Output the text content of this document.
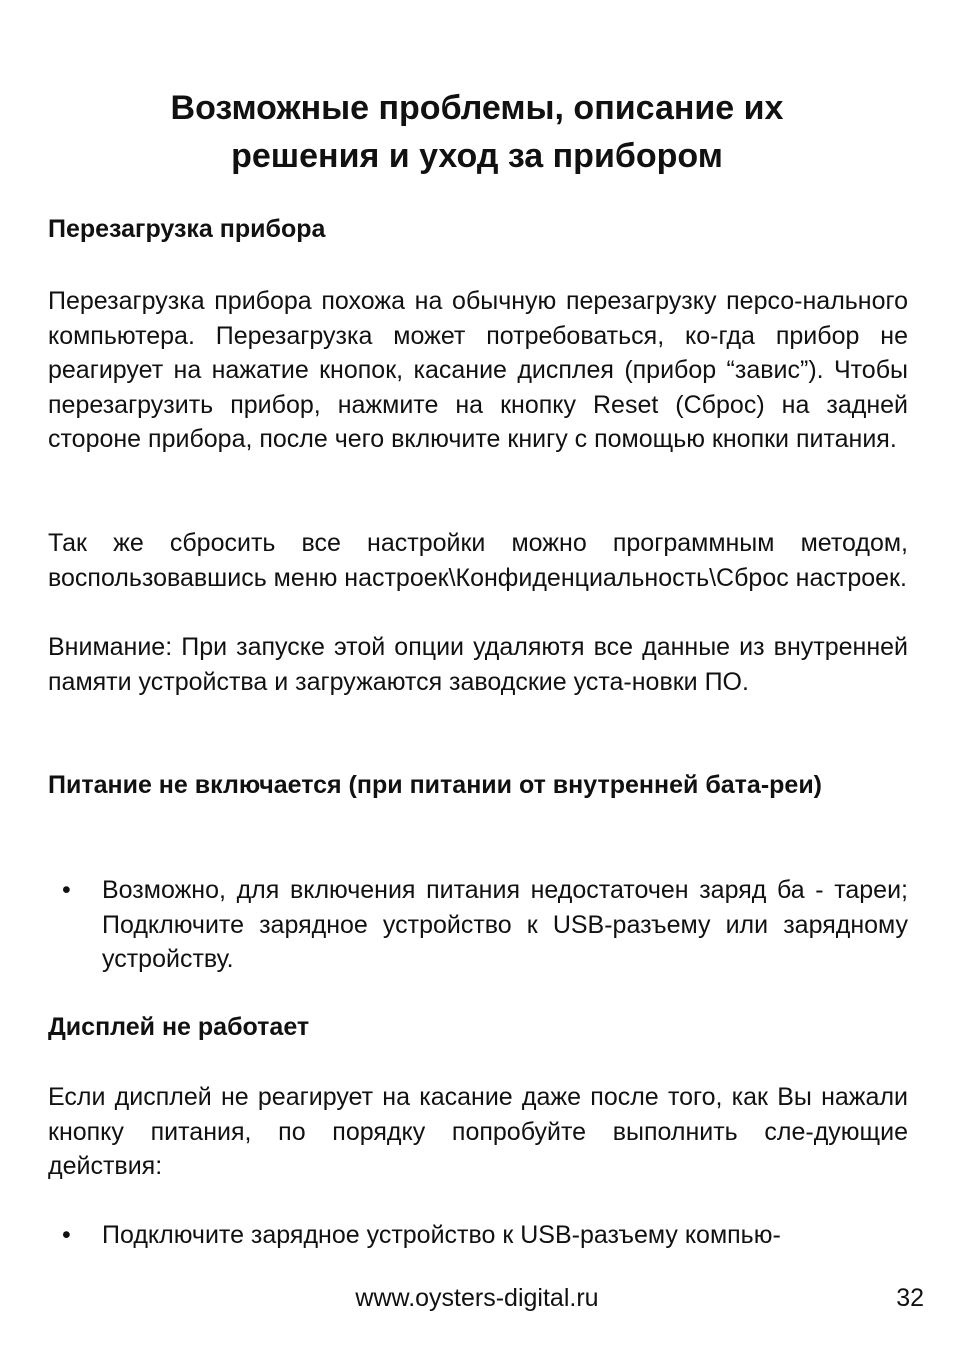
Возможные проблемы, описание их
решения и уход за прибором
Перезагрузка прибора

Перезагрузка прибора похожа на обычную перезагрузку персо-нального компьютера. Перезагрузка может потребоваться, ко-гда прибор не реагирует на нажатие кнопок, касание дисплея (прибор “завис”). Чтобы перезагрузить прибор, нажмите на кнопку Reset (Сброс) на задней стороне прибора, после чего включите книгу с помощью кнопки питания.

Так же сбросить все настройки можно программным методом, воспользовавшись меню настроек\Конфиденциальность\Сброс настроек.

Внимание: При запуске этой опции удаляютя все данные из внутренней памяти устройства и загружаются заводские уста-новки ПО.

Питание не включается (при питании от внутренней бата-реи)
• Возможно, для включения питания недостаточен заряд ба - тареи; Подключите зарядное устройство к USB-разъему или зарядному устройству.
Дисплей не работает

Если дисплей не реагирует на касание даже после того, как Вы нажали кнопку питания, по порядку попробуйте выполнить сле-дующие действия:

• Подключите зарядное устройство к USB-разъему компью-
www.oysters-digital.ru	32
